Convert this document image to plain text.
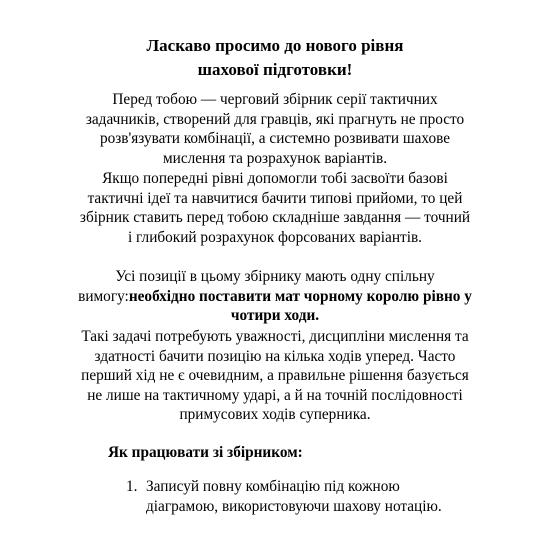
Ласкаво просимо до нового рівня
шахової підготовки!
Перед тобою — черговий збірник серії тактичних задачників, створений для гравців, які прагнуть не просто розв'язувати комбінації, а системно розвивати шахове мислення та розрахунок варіантів.
Якщо попередні рівні допомогли тобі засвоїти базові тактичні ідеї та навчитися бачити типові прийоми, то цей збірник ставить перед тобою складніше завдання — точний і глибокий розрахунок форсованих варіантів.
Усі позиції в цьому збірнику мають одну спільну вимогу:необхідно поставити мат чорному королю рівно у чотири ходи.
Такі задачі потребують уважності, дисципліни мислення та здатності бачити позицію на кілька ходів уперед. Часто перший хід не є очевидним, а правильне рішення базується не лише на тактичному ударі, а й на точній послідовності примусових ходів суперника.
Як працювати зі збірником:
1. Записуй повну комбінацію під кожною діаграмою, використовуючи шахову нотацію.
